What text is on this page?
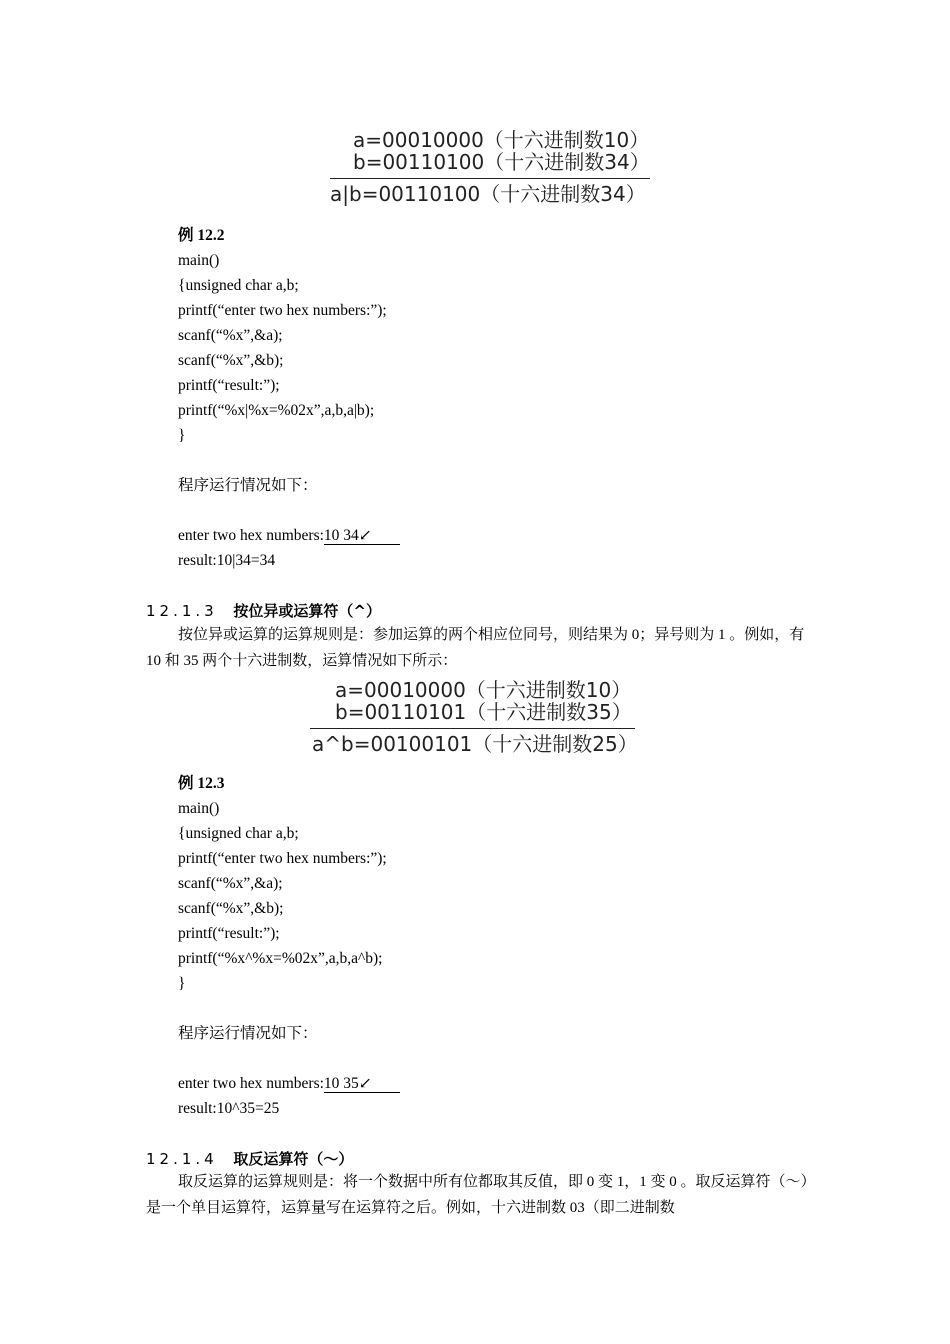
a=00010000（十六进制数10）
b=00110100（十六进制数34）
a|b=00110100（十六进制数34）
例 12.2
main()
{unsigned char a,b;
printf(“enter two hex numbers:”);
scanf(“%x”,&a);
scanf(“%x”,&b);
printf(“result:”);
printf(“%x|%x=%02x”,a,b,a|b);
}
程序运行情况如下：
enter two hex numbers:10 34↙
result:10|34=34
12.1.3 按位异或运算符（^）
按位异或运算的运算规则是：参加运算的两个相应位同号，则结果为 0；异号则为 1 。例如，有 10 和 35 两个十六进制数，运算情况如下所示：
a=00010000（十六进制数10）
b=00110101（十六进制数35）
a^b=00100101（十六进制数25）
例 12.3
main()
{unsigned char a,b;
printf(“enter two hex numbers:”);
scanf(“%x”,&a);
scanf(“%x”,&b);
printf(“result:”);
printf(“%x^%x=%02x”,a,b,a^b);
}
程序运行情况如下：
enter two hex numbers:10 35↙
result:10^35=25
12.1.4 取反运算符（～）
取反运算的运算规则是：将一个数据中所有位都取其反值，即 0 变 1，1 变 0 。取反运算符（～）是一个单目运算符，运算量写在运算符之后。例如，十六进制数 03（即二进制数
